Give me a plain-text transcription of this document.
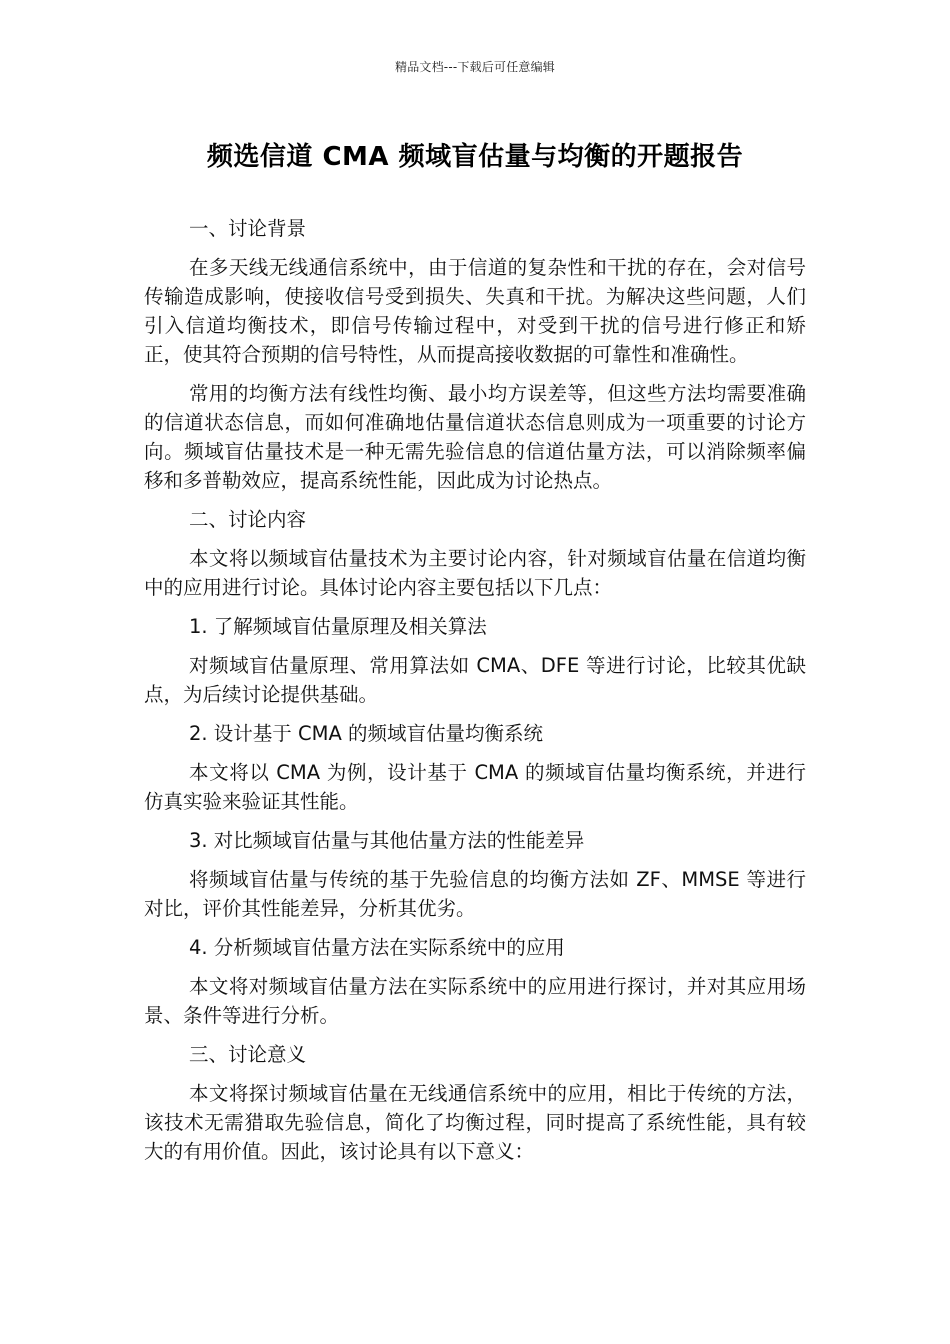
精品文档---下载后可任意编辑
频选信道 CMA 频域盲估量与均衡的开题报告

一、讨论背景

在多天线无线通信系统中，由于信道的复杂性和干扰的存在，会对信号传输造成影响，使接收信号受到损失、失真和干扰。为解决这些问题，人们引入信道均衡技术，即信号传输过程中，对受到干扰的信号进行修正和矫正，使其符合预期的信号特性，从而提高接收数据的可靠性和准确性。

常用的均衡方法有线性均衡、最小均方误差等，但这些方法均需要准确的信道状态信息，而如何准确地估量信道状态信息则成为一项重要的讨论方向。频域盲估量技术是一种无需先验信息的信道估量方法，可以消除频率偏移和多普勒效应，提高系统性能，因此成为讨论热点。

二、讨论内容

本文将以频域盲估量技术为主要讨论内容，针对频域盲估量在信道均衡中的应用进行讨论。具体讨论内容主要包括以下几点：

1. 了解频域盲估量原理及相关算法

对频域盲估量原理、常用算法如 CMA、DFE 等进行讨论，比较其优缺点，为后续讨论提供基础。

2. 设计基于 CMA 的频域盲估量均衡系统

本文将以 CMA 为例，设计基于 CMA 的频域盲估量均衡系统，并进行仿真实验来验证其性能。

3. 对比频域盲估量与其他估量方法的性能差异

将频域盲估量与传统的基于先验信息的均衡方法如 ZF、MMSE 等进行对比，评价其性能差异，分析其优劣。

4. 分析频域盲估量方法在实际系统中的应用

本文将对频域盲估量方法在实际系统中的应用进行探讨，并对其应用场景、条件等进行分析。

三、讨论意义

本文将探讨频域盲估量在无线通信系统中的应用，相比于传统的方法，该技术无需猎取先验信息，简化了均衡过程，同时提高了系统性能，具有较大的有用价值。因此，该讨论具有以下意义：
